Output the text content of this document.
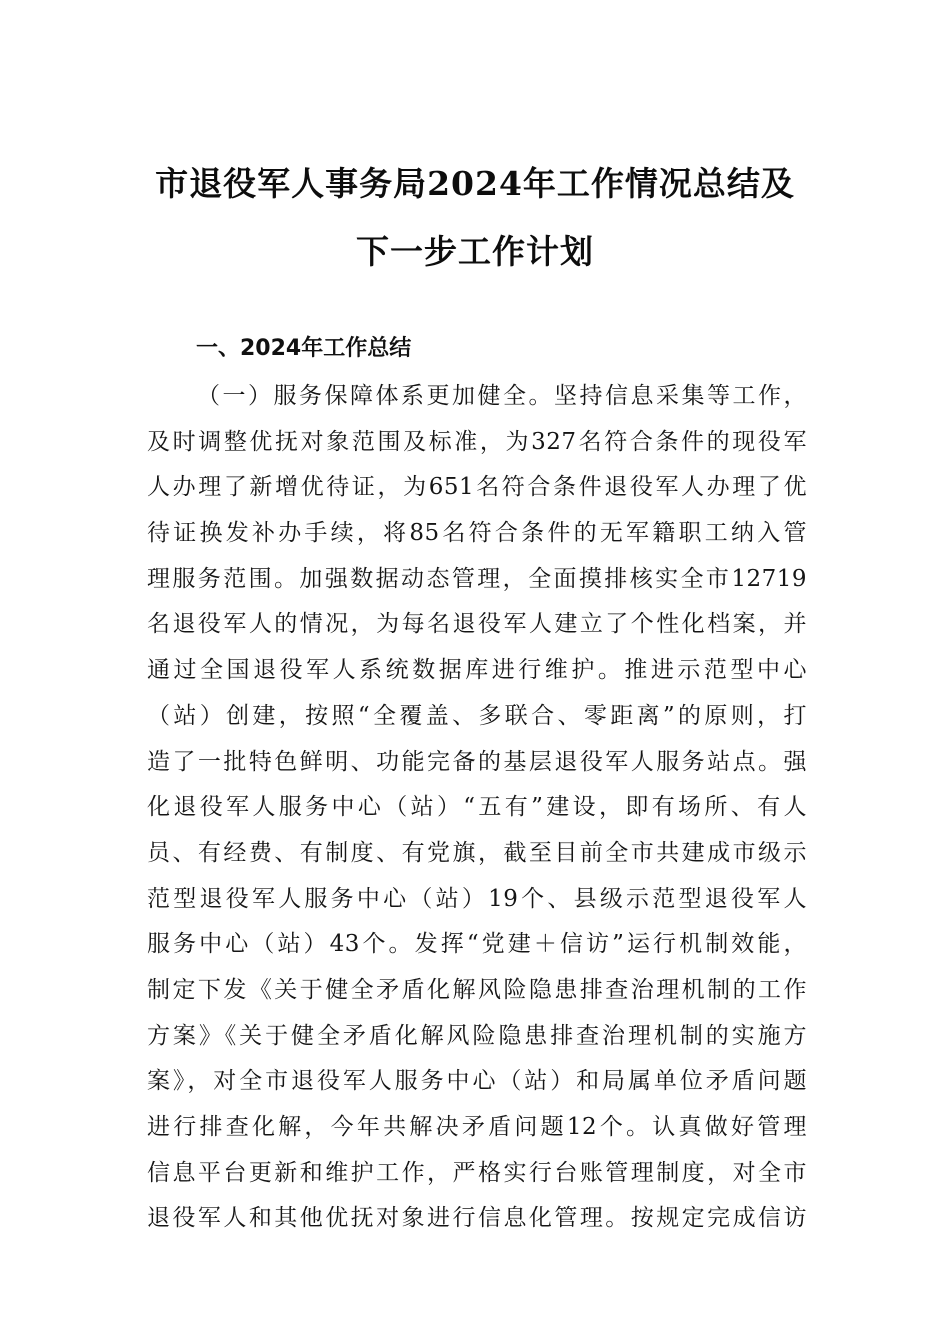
市退役军人事务局2024年工作情况总结及
下一步工作计划
一、2024年工作总结
（一）服务保障体系更加健全。坚持信息采集等工作，
及时调整优抚对象范围及标准，为327名符合条件的现役军
人办理了新增优待证，为651名符合条件退役军人办理了优
待证换发补办手续，将85名符合条件的无军籍职工纳入管
理服务范围。加强数据动态管理，全面摸排核实全市12719
名退役军人的情况，为每名退役军人建立了个性化档案，并
通过全国退役军人系统数据库进行维护。推进示范型中心
（站）创建，按照“全覆盖、多联合、零距离”的原则，打
造了一批特色鲜明、功能完备的基层退役军人服务站点。强
化退役军人服务中心（站）“五有”建设，即有场所、有人
员、有经费、有制度、有党旗，截至目前全市共建成市级示
范型退役军人服务中心（站）19个、县级示范型退役军人
服务中心（站）43个。发挥“党建＋信访”运行机制效能，
制定下发《关于健全矛盾化解风险隐患排查治理机制的工作
方案》《关于健全矛盾化解风险隐患排查治理机制的实施方
案》，对全市退役军人服务中心（站）和局属单位矛盾问题
进行排查化解，今年共解决矛盾问题12个。认真做好管理
信息平台更新和维护工作，严格实行台账管理制度，对全市
退役军人和其他优抚对象进行信息化管理。按规定完成信访
